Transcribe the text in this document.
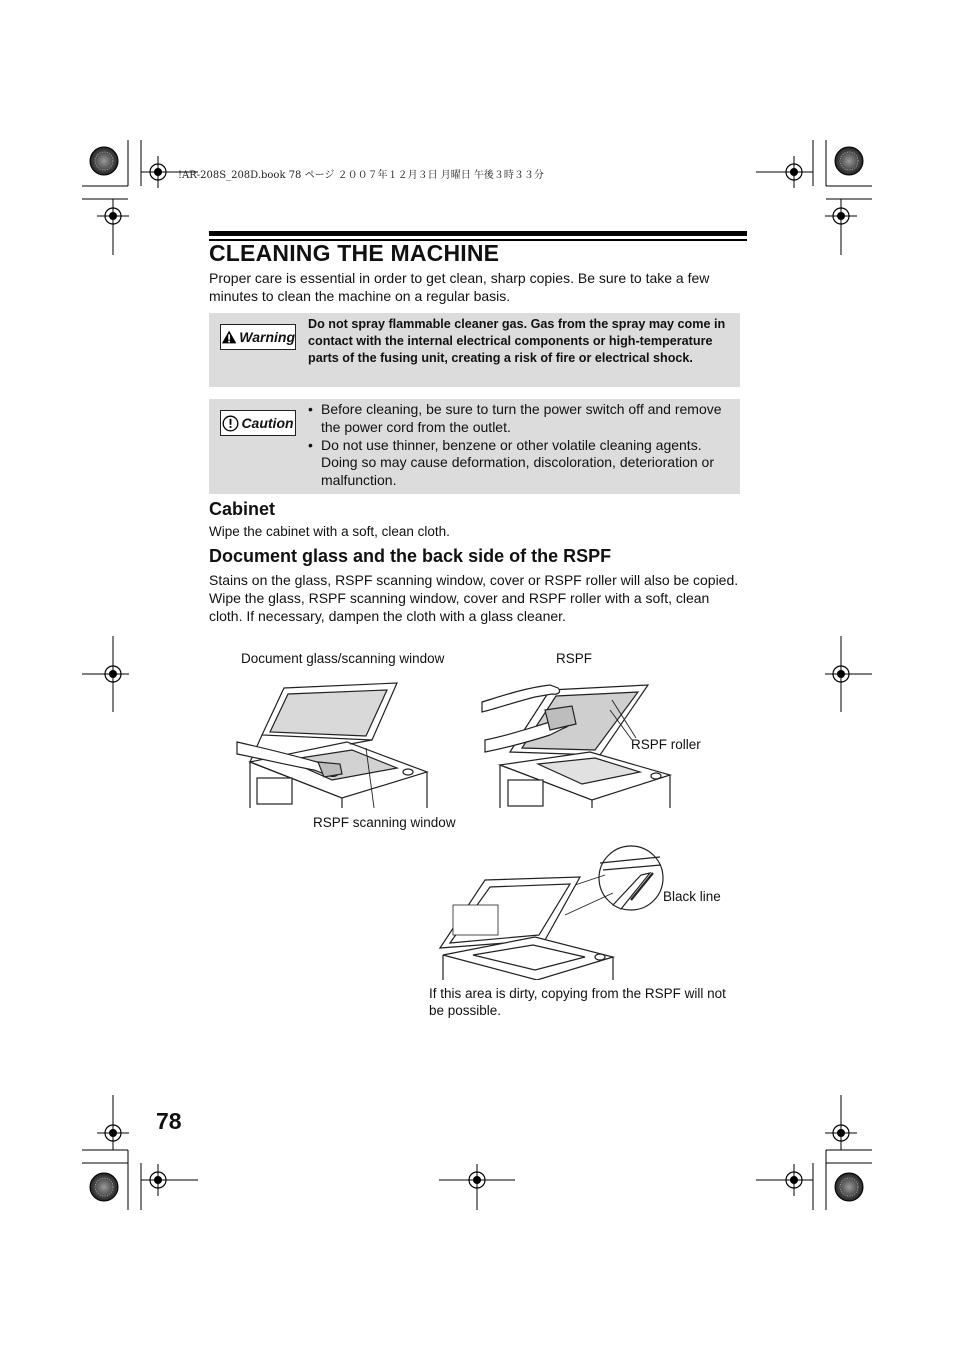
!AR-208S_208D.book 78 ページ ２００７年１２月３日 月曜日 午後３時３３分
CLEANING THE MACHINE
Proper care is essential in order to get clean, sharp copies. Be sure to take a few minutes to clean the machine on a regular basis.
Warning
Do not spray flammable cleaner gas. Gas from the spray may come in contact with the internal electrical components or high-temperature parts of the fusing unit, creating a risk of fire or electrical shock.
Caution
• Before cleaning, be sure to turn the power switch off and remove the power cord from the outlet.
• Do not use thinner, benzene or other volatile cleaning agents. Doing so may cause deformation, discoloration, deterioration or malfunction.
Cabinet
Wipe the cabinet with a soft, clean cloth.
Document glass and the back side of the RSPF
Stains on the glass, RSPF scanning window, cover or RSPF roller will also be copied. Wipe the glass, RSPF scanning window, cover and RSPF roller with a soft, clean cloth. If necessary, dampen the cloth with a glass cleaner.
Document glass/scanning window	RSPF
RSPF roller
RSPF scanning window
Black line
If this area is dirty, copying from the RSPF will not be possible.
78
